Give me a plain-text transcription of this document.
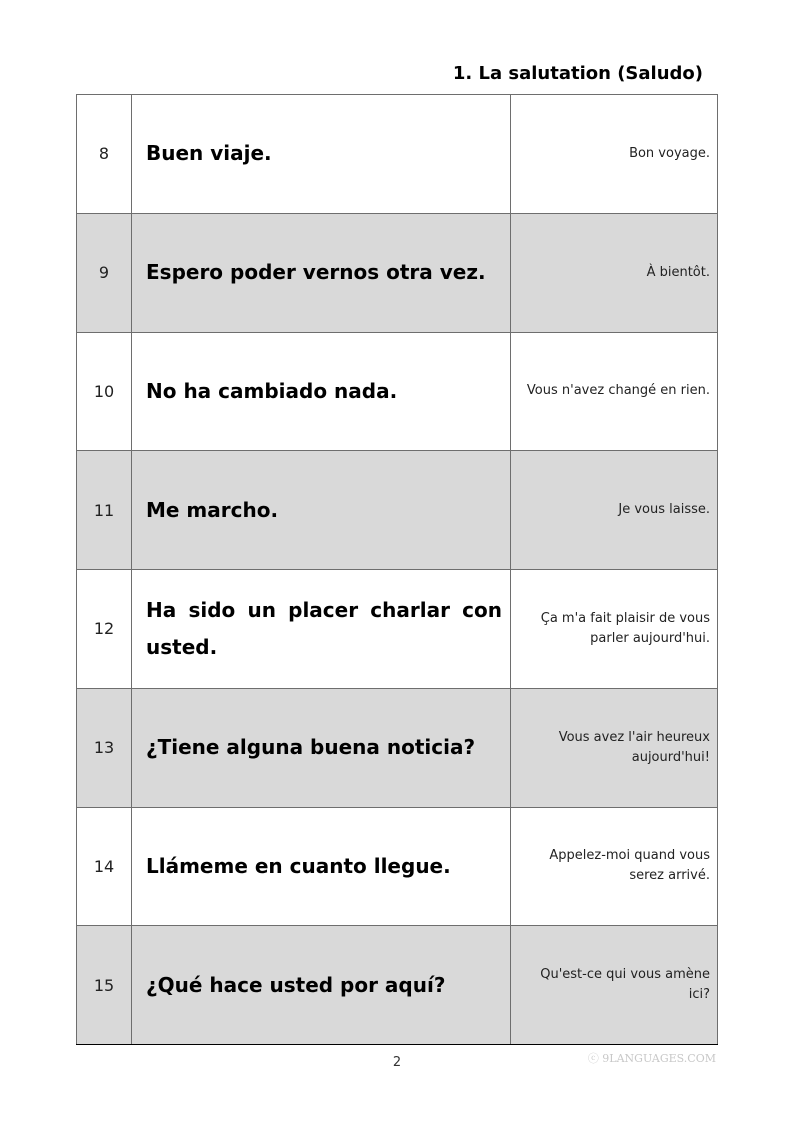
1. La salutation (Saludo)
8	Buen viaje.	Bon voyage.
9	Espero poder vernos otra vez.	À bientôt.
10	No ha cambiado nada.	Vous n'avez changé en rien.
11	Me marcho.	Je vous laisse.
12	Ha sido un placer charlar con usted.	Ça m'a fait plaisir de vous parler aujourd'hui.
13	¿Tiene alguna buena noticia?	Vous avez l'air heureux aujourd'hui!
14	Llámeme en cuanto llegue.	Appelez-moi quand vous serez arrivé.
15	¿Qué hace usted por aquí?	Qu'est-ce qui vous amène ici?
2	ⓒ 9LANGUAGES.COM
